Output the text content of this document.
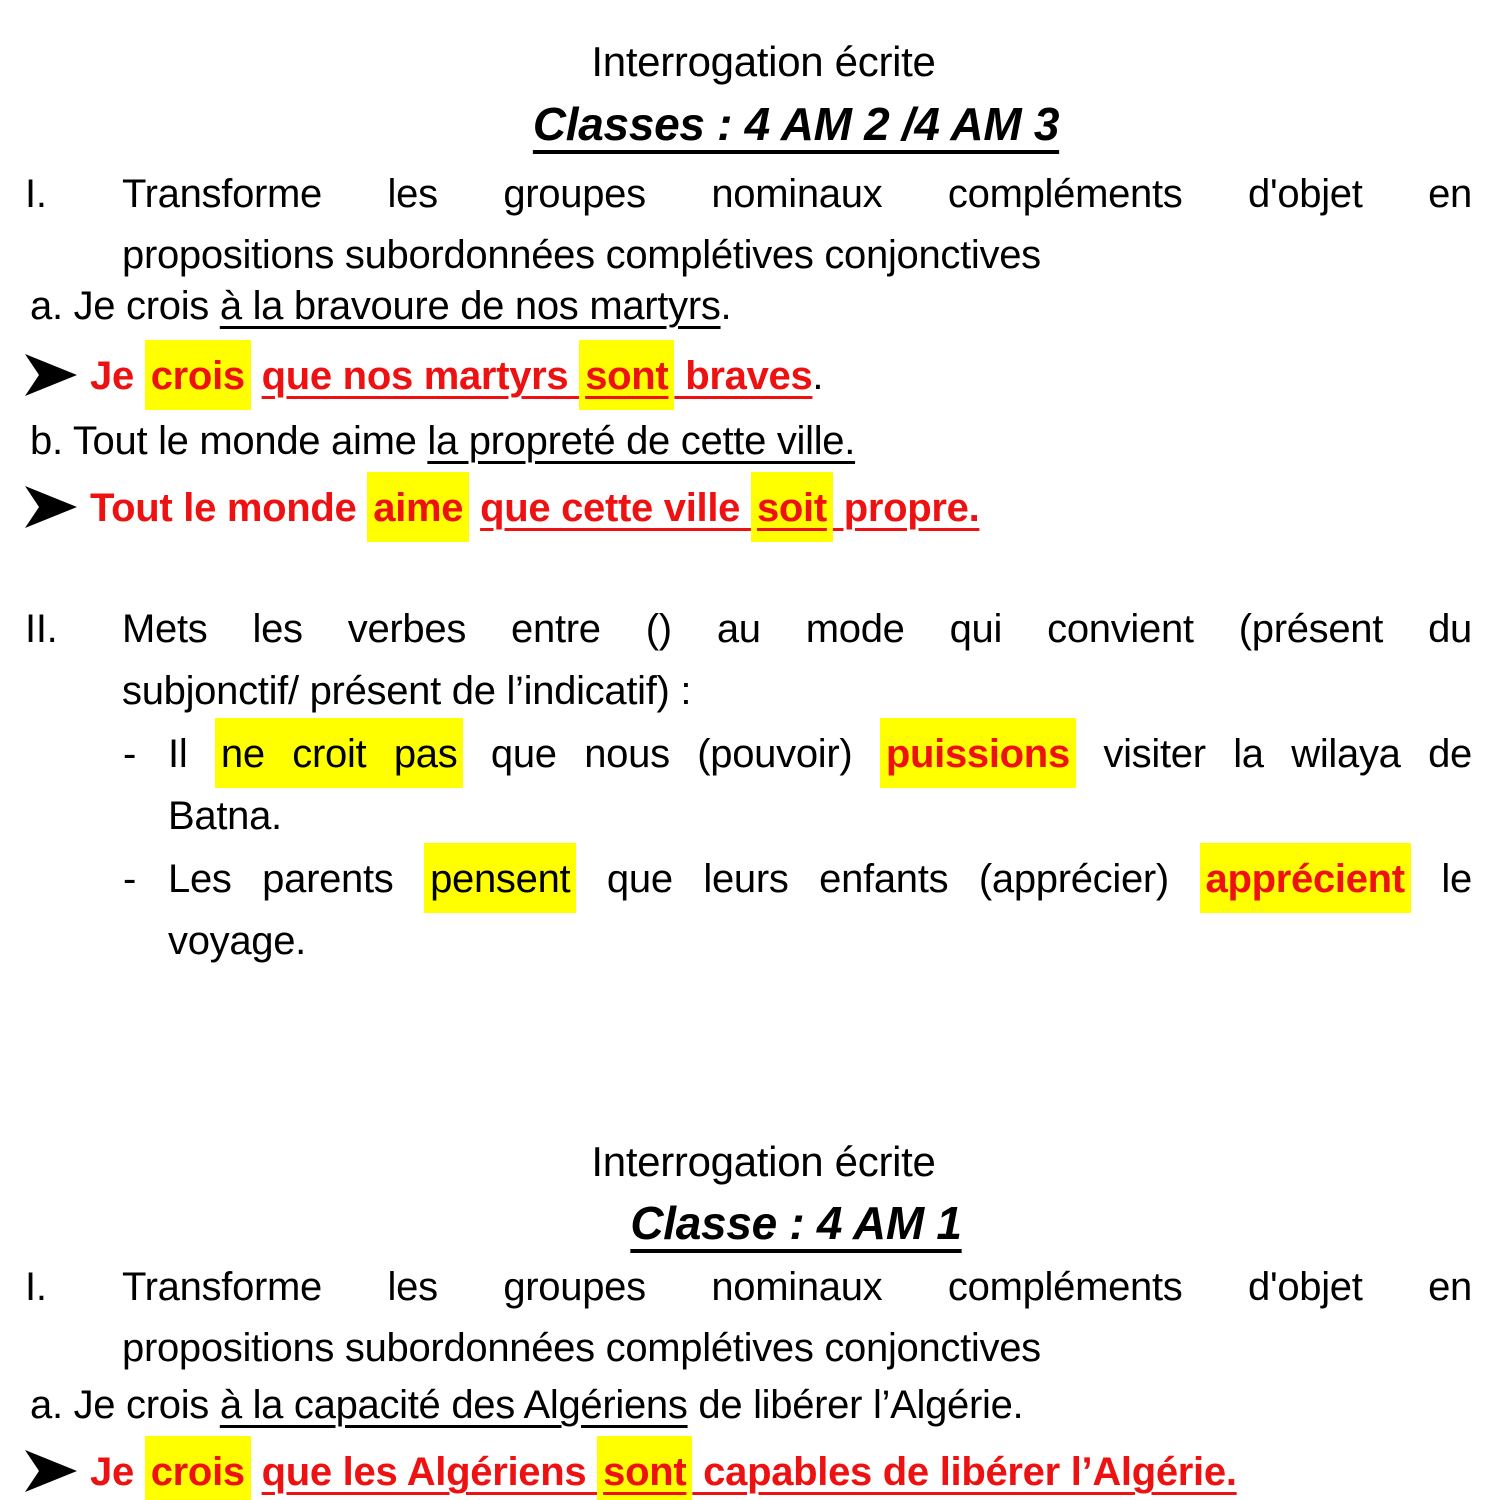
Interrogation écrite
Classes : 4 AM 2 /4 AM 3
I.	Transforme les groupes nominaux compléments d'objet en
propositions subordonnées complétives conjonctives
a. Je crois à la bravoure de nos martyrs.
Je crois que nos martyrs sont braves.
b. Tout le monde aime la propreté de cette ville.
Tout le monde aime que cette ville soit propre.
II.	Mets les verbes entre () au mode qui convient (présent du
subjonctif/ présent de l’indicatif) :
- Il ne croit pas que nous (pouvoir) puissions visiter la wilaya de
Batna.
- Les parents pensent que leurs enfants (apprécier) apprécient le
voyage.
Interrogation écrite
Classe : 4 AM 1
I.	Transforme les groupes nominaux compléments d'objet en
propositions subordonnées complétives conjonctives
a. Je crois à la capacité des Algériens de libérer l’Algérie.
Je crois que les Algériens sont capables de libérer l’Algérie.
